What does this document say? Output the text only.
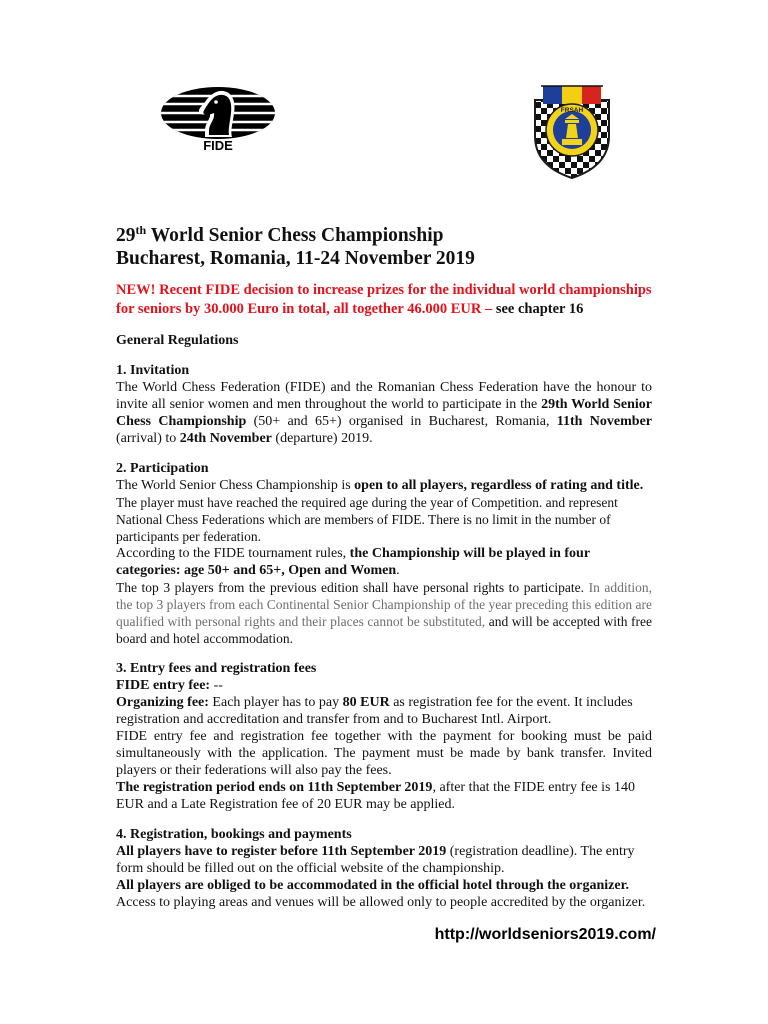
FIDE
FRSAH
29th World Senior Chess Championship
Bucharest, Romania, 11-24 November 2019
NEW! Recent FIDE decision to increase prizes for the individual world championships for seniors by 30.000 Euro in total, all together 46.000 EUR – see chapter 16

General Regulations

1. Invitation

The World Chess Federation (FIDE) and the Romanian Chess Federation have the honour to invite all senior women and men throughout the world to participate in the 29th World Senior Chess Championship (50+ and 65+) organised in Bucharest, Romania, 11th November (arrival) to 24th November (departure) 2019.

2. Participation

The World Senior Chess Championship is open to all players, regardless of rating and title.

The player must have reached the required age during the year of Competition. and represent National Chess Federations which are members of FIDE. There is no limit in the number of participants per federation.

According to the FIDE tournament rules, the Championship will be played in four categories: age 50+ and 65+, Open and Women.

The top 3 players from the previous edition shall have personal rights to participate. In addition, the top 3 players from each Continental Senior Championship of the year preceding this edition are qualified with personal rights and their places cannot be substituted, and will be accepted with free board and hotel accommodation.

3. Entry fees and registration fees

FIDE entry fee: --

Organizing fee: Each player has to pay 80 EUR as registration fee for the event. It includes registration and accreditation and transfer from and to Bucharest Intl. Airport.

FIDE entry fee and registration fee together with the payment for booking must be paid simultaneously with the application. The payment must be made by bank transfer. Invited players or their federations will also pay the fees.

The registration period ends on 11th September 2019, after that the FIDE entry fee is 140 EUR and a Late Registration fee of 20 EUR may be applied.

4. Registration, bookings and payments

All players have to register before 11th September 2019 (registration deadline). The entry form should be filled out on the official website of the championship.

All players are obliged to be accommodated in the official hotel through the organizer.

Access to playing areas and venues will be allowed only to people accredited by the organizer.

http://worldseniors2019.com/
